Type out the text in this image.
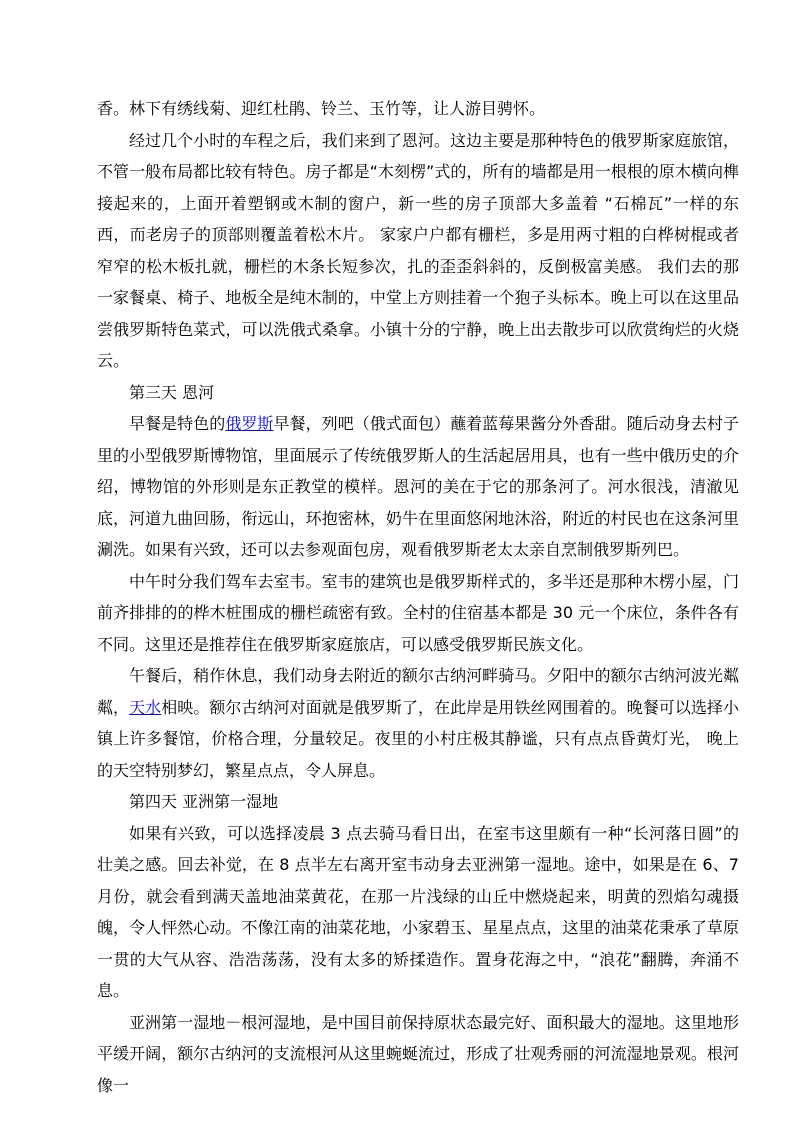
香。林下有绣线菊、迎红杜鹃、铃兰、玉竹等，让人游目骋怀。

经过几个小时的车程之后，我们来到了恩河。这边主要是那种特色的俄罗斯家庭旅馆，不管一般布局都比较有特色。房子都是“木刻楞”式的，所有的墙都是用一根根的原木横向榫接起来的，上面开着塑钢或木制的窗户，新一些的房子顶部大多盖着 “石棉瓦”一样的东西，而老房子的顶部则覆盖着松木片。 家家户户都有栅栏，多是用两寸粗的白桦树棍或者窄窄的松木板扎就，栅栏的木条长短参次，扎的歪歪斜斜的，反倒极富美感。 我们去的那一家餐桌、椅子、地板全是纯木制的，中堂上方则挂着一个狍子头标本。晚上可以在这里品尝俄罗斯特色菜式，可以洗俄式桑拿。小镇十分的宁静，晚上出去散步可以欣赏绚烂的火烧云。

第三天 恩河

早餐是特色的俄罗斯早餐，列吧（俄式面包）蘸着蓝莓果酱分外香甜。随后动身去村子里的小型俄罗斯博物馆，里面展示了传统俄罗斯人的生活起居用具，也有一些中俄历史的介绍，博物馆的外形则是东正教堂的模样。恩河的美在于它的那条河了。河水很浅，清澈见底，河道九曲回肠，衔远山，环抱密林，奶牛在里面悠闲地沐浴，附近的村民也在这条河里涮洗。如果有兴致，还可以去参观面包房，观看俄罗斯老太太亲自烹制俄罗斯列巴。

中午时分我们驾车去室韦。室韦的建筑也是俄罗斯样式的，多半还是那种木楞小屋，门前齐排排的的桦木桩围成的栅栏疏密有致。全村的住宿基本都是 30 元一个床位，条件各有不同。这里还是推荐住在俄罗斯家庭旅店，可以感受俄罗斯民族文化。

午餐后，稍作休息，我们动身去附近的额尔古纳河畔骑马。夕阳中的额尔古纳河波光粼粼，天水相映。额尔古纳河对面就是俄罗斯了，在此岸是用铁丝网围着的。晚餐可以选择小镇上许多餐馆，价格合理，分量较足。夜里的小村庄极其静谧，只有点点昏黄灯光， 晚上的天空特别梦幻，繁星点点，令人屏息。

第四天 亚洲第一湿地

如果有兴致，可以选择凌晨 3 点去骑马看日出，在室韦这里颇有一种“长河落日圆”的壮美之感。回去补觉，在 8 点半左右离开室韦动身去亚洲第一湿地。途中，如果是在 6、7 月份，就会看到满天盖地油菜黄花，在那一片浅绿的山丘中燃烧起来，明黄的烈焰勾魂摄魄，令人怦然心动。不像江南的油菜花地，小家碧玉、星星点点，这里的油菜花秉承了草原一贯的大气从容、浩浩荡荡，没有太多的矫揉造作。置身花海之中，“浪花”翻腾，奔涌不息。

亚洲第一湿地－根河湿地，是中国目前保持原状态最完好、面积最大的湿地。这里地形平缓开阔，额尔古纳河的支流根河从这里蜿蜒流过，形成了壮观秀丽的河流湿地景观。根河像一
